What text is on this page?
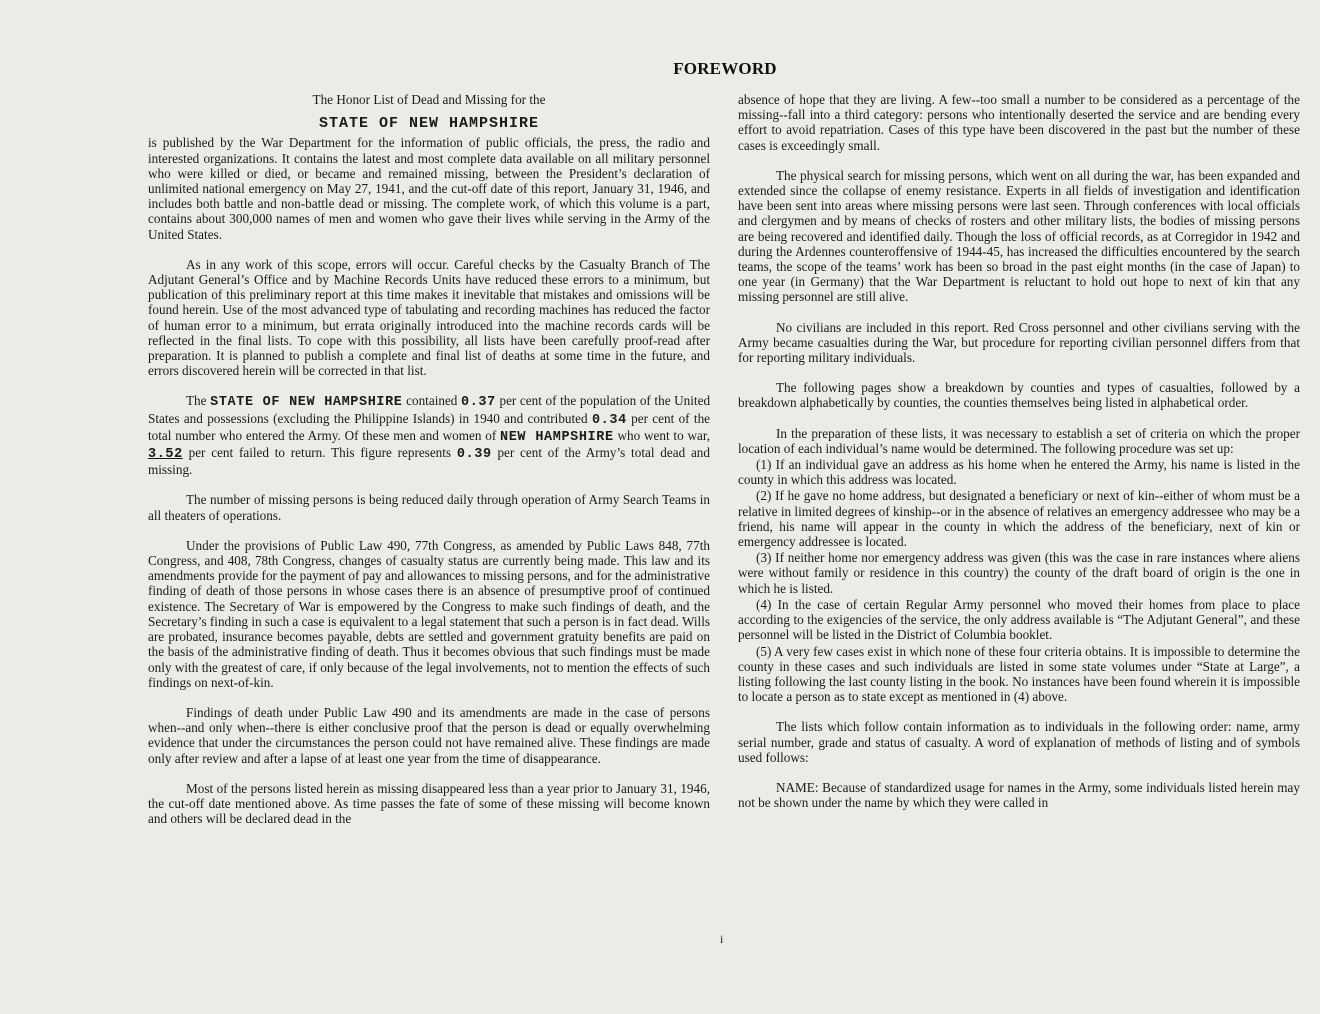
FOREWORD

The Honor List of Dead and Missing for the

STATE OF NEW HAMPSHIRE

is published by the War Department for the information of public officials, the press, the radio and interested organizations. It contains the latest and most complete data available on all military personnel who were killed or died, or became and remained missing, between the President’s declaration of unlimited national emergency on May 27, 1941, and the cut-off date of this report, January 31, 1946, and includes both battle and non-battle dead or missing. The complete work, of which this volume is a part, contains about 300,000 names of men and women who gave their lives while serving in the Army of the United States.

As in any work of this scope, errors will occur. Careful checks by the Casualty Branch of The Adjutant General’s Office and by Machine Records Units have reduced these errors to a minimum, but publication of this preliminary report at this time makes it inevitable that mistakes and omissions will be found herein. Use of the most advanced type of tabulating and recording machines has reduced the factor of human error to a minimum, but errata originally introduced into the machine records cards will be reflected in the final lists. To cope with this possibility, all lists have been carefully proof-read after preparation. It is planned to publish a complete and final list of deaths at some time in the future, and errors discovered herein will be corrected in that list.

The STATE OF NEW HAMPSHIRE contained 0.37 per cent of the population of the United States and possessions (excluding the Philippine Islands) in 1940 and contributed 0.34 per cent of the total number who entered the Army. Of these men and women of NEW HAMPSHIRE who went to war, 3.52 per cent failed to return. This figure represents 0.39 per cent of the Army’s total dead and missing.

The number of missing persons is being reduced daily through operation of Army Search Teams in all theaters of operations.

Under the provisions of Public Law 490, 77th Congress, as amended by Public Laws 848, 77th Congress, and 408, 78th Congress, changes of casualty status are currently being made. This law and its amendments provide for the payment of pay and allowances to missing persons, and for the administrative finding of death of those persons in whose cases there is an absence of presumptive proof of continued existence. The Secretary of War is empowered by the Congress to make such findings of death, and the Secretary’s finding in such a case is equivalent to a legal statement that such a person is in fact dead. Wills are probated, insurance becomes payable, debts are settled and government gratuity benefits are paid on the basis of the administrative finding of death. Thus it becomes obvious that such findings must be made only with the greatest of care, if only because of the legal involvements, not to mention the effects of such findings on next-of-kin.

Findings of death under Public Law 490 and its amendments are made in the case of persons when--and only when--there is either conclusive proof that the person is dead or equally overwhelming evidence that under the circumstances the person could not have remained alive. These findings are made only after review and after a lapse of at least one year from the time of disappearance.

Most of the persons listed herein as missing disappeared less than a year prior to January 31, 1946, the cut-off date mentioned above. As time passes the fate of some of these missing will become known and others will be declared dead in the

absence of hope that they are living. A few--too small a number to be considered as a percentage of the missing--fall into a third category: persons who intentionally deserted the service and are bending every effort to avoid repatriation. Cases of this type have been discovered in the past but the number of these cases is exceedingly small.

The physical search for missing persons, which went on all during the war, has been expanded and extended since the collapse of enemy resistance. Experts in all fields of investigation and identification have been sent into areas where missing persons were last seen. Through conferences with local officials and clergymen and by means of checks of rosters and other military lists, the bodies of missing persons are being recovered and identified daily. Though the loss of official records, as at Corregidor in 1942 and during the Ardennes counteroffensive of 1944-45, has increased the difficulties encountered by the search teams, the scope of the teams’ work has been so broad in the past eight months (in the case of Japan) to one year (in Germany) that the War Department is reluctant to hold out hope to next of kin that any missing personnel are still alive.

No civilians are included in this report. Red Cross personnel and other civilians serving with the Army became casualties during the War, but procedure for reporting civilian personnel differs from that for reporting military individuals.

The following pages show a breakdown by counties and types of casualties, followed by a breakdown alphabetically by counties, the counties themselves being listed in alphabetical order.

In the preparation of these lists, it was necessary to establish a set of criteria on which the proper location of each individual’s name would be determined. The following procedure was set up:

(1) If an individual gave an address as his home when he entered the Army, his name is listed in the county in which this address was located.

(2) If he gave no home address, but designated a beneficiary or next of kin--either of whom must be a relative in limited degrees of kinship--or in the absence of relatives an emergency addressee who may be a friend, his name will appear in the county in which the address of the beneficiary, next of kin or emergency addressee is located.

(3) If neither home nor emergency address was given (this was the case in rare instances where aliens were without family or residence in this country) the county of the draft board of origin is the one in which he is listed.

(4) In the case of certain Regular Army personnel who moved their homes from place to place according to the exigencies of the service, the only address available is “The Adjutant General”, and these personnel will be listed in the District of Columbia booklet.

(5) A very few cases exist in which none of these four criteria obtains. It is impossible to determine the county in these cases and such individuals are listed in some state volumes under “State at Large”, a listing following the last county listing in the book. No instances have been found wherein it is impossible to locate a person as to state except as mentioned in (4) above.

The lists which follow contain information as to individuals in the following order: name, army serial number, grade and status of casualty. A word of explanation of methods of listing and of symbols used follows:

NAME: Because of standardized usage for names in the Army, some individuals listed herein may not be shown under the name by which they were called in

i
